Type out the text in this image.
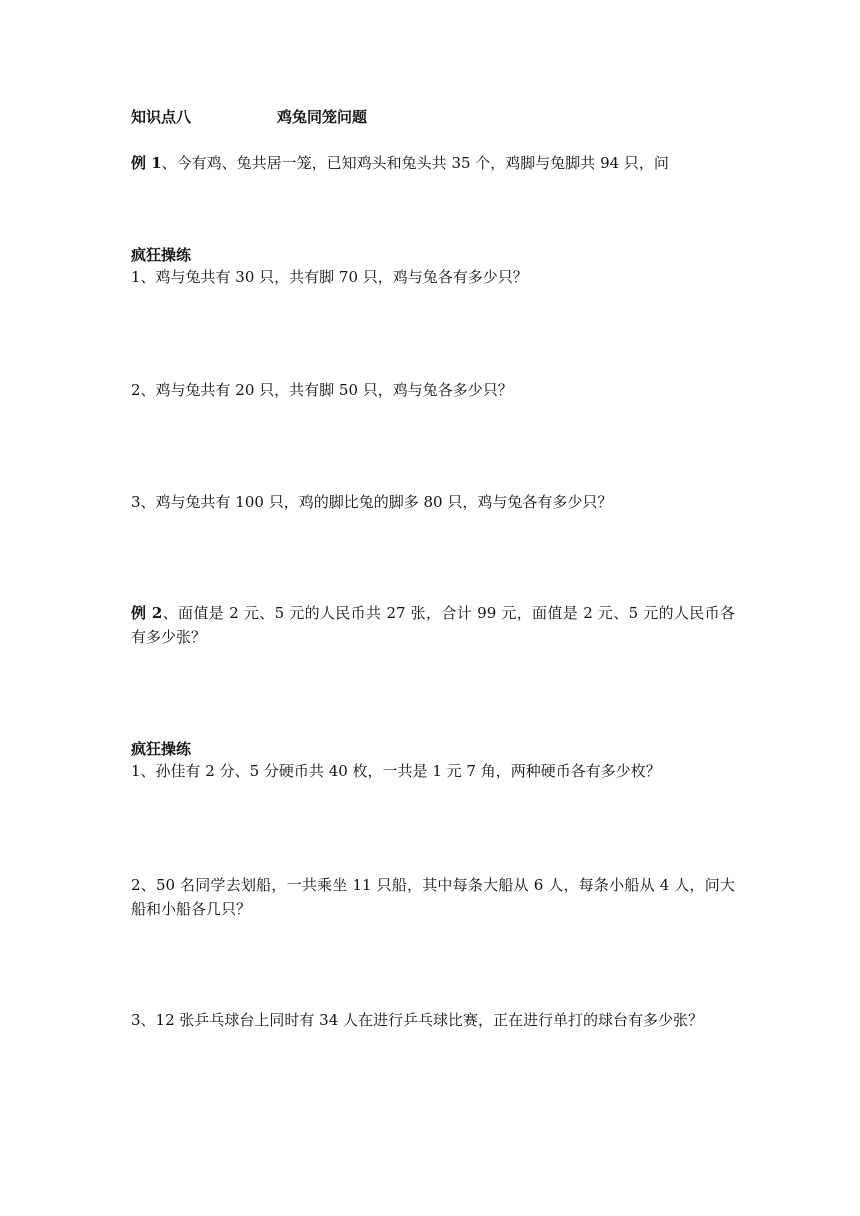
知识点八	鸡兔同笼问题
例 1、今有鸡、兔共居一笼，已知鸡头和兔头共 35 个，鸡脚与兔脚共 94 只，问
疯狂操练
1、鸡与兔共有 30 只，共有脚 70 只，鸡与兔各有多少只？
2、鸡与兔共有 20 只，共有脚 50 只，鸡与兔各多少只？
3、鸡与兔共有 100 只，鸡的脚比兔的脚多 80 只，鸡与兔各有多少只？
例 2、面值是 2 元、5 元的人民币共 27 张，合计 99 元，面值是 2 元、5 元的人民币各有多少张？
疯狂操练
1、孙佳有 2 分、5 分硬币共 40 枚，一共是 1 元 7 角，两种硬币各有多少枚？
2、50 名同学去划船，一共乘坐 11 只船，其中每条大船从 6 人，每条小船从 4 人，问大船和小船各几只？
3、12 张乒乓球台上同时有 34 人在进行乒乓球比赛，正在进行单打的球台有多少张？
